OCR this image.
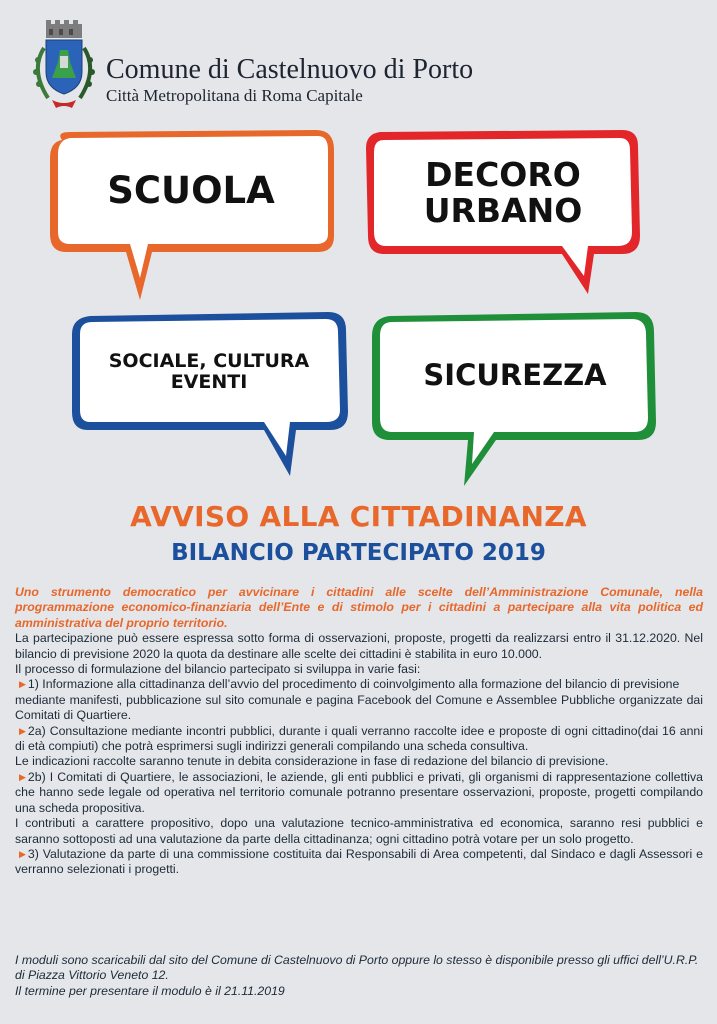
Comune di Castelnuovo di Porto
Città Metropolitana di Roma Capitale
SCUOLA	DECORO
URBANO
SOCIALE, CULTURA
EVENTI	SICUREZZA
AVVISO ALLA CITTADINANZA
BILANCIO PARTECIPATO 2019

Uno strumento democratico per avvicinare i cittadini alle scelte dell’Amministrazione Comunale, nella programmazione economico-finanziaria dell’Ente e di stimolo per i cittadini a partecipare alla vita politica ed amministrativa del proprio territorio.

La partecipazione può essere espressa sotto forma di osservazioni, proposte, progetti da realizzarsi entro il 31.12.2020. Nel bilancio di previsione 2020 la quota da destinare alle scelte dei cittadini è stabilita in euro 10.000.

Il processo di formulazione del bilancio partecipato si sviluppa in varie fasi:

▶ 1) Informazione alla cittadinanza dell’avvio del procedimento di coinvolgimento alla formazione del bilancio di previsione

mediante manifesti, pubblicazione sul sito comunale e pagina Facebook del Comune e Assemblee Pubbliche organizzate dai Comitati di Quartiere.

▶ 2a) Consultazione mediante incontri pubblici, durante i quali verranno raccolte idee e proposte di ogni cittadino(dai 16 anni di età compiuti) che potrà esprimersi sugli indirizzi generali compilando una scheda consultiva.

Le indicazioni raccolte saranno tenute in debita considerazione in fase di redazione del bilancio di previsione.

▶ 2b) I Comitati di Quartiere, le associazioni, le aziende, gli enti pubblici e privati, gli organismi di rappresentazione collettiva che hanno sede legale od operativa nel territorio comunale potranno presentare osservazioni, proposte, progetti compilando una scheda propositiva.

I contributi a carattere propositivo, dopo una valutazione tecnico-amministrativa ed economica, saranno resi pubblici e saranno sottoposti ad una valutazione da parte della cittadinanza; ogni cittadino potrà votare per un solo progetto.

▶ 3) Valutazione da parte di una commissione costituita dai Responsabili di Area competenti, dal Sindaco e dagli Assessori e verranno selezionati i progetti.

I moduli sono scaricabili dal sito del Comune di Castelnuovo di Porto oppure lo stesso è disponibile presso gli uffici dell’U.R.P. di Piazza Vittorio Veneto 12.

Il termine per presentare il modulo è il 21.11.2019
